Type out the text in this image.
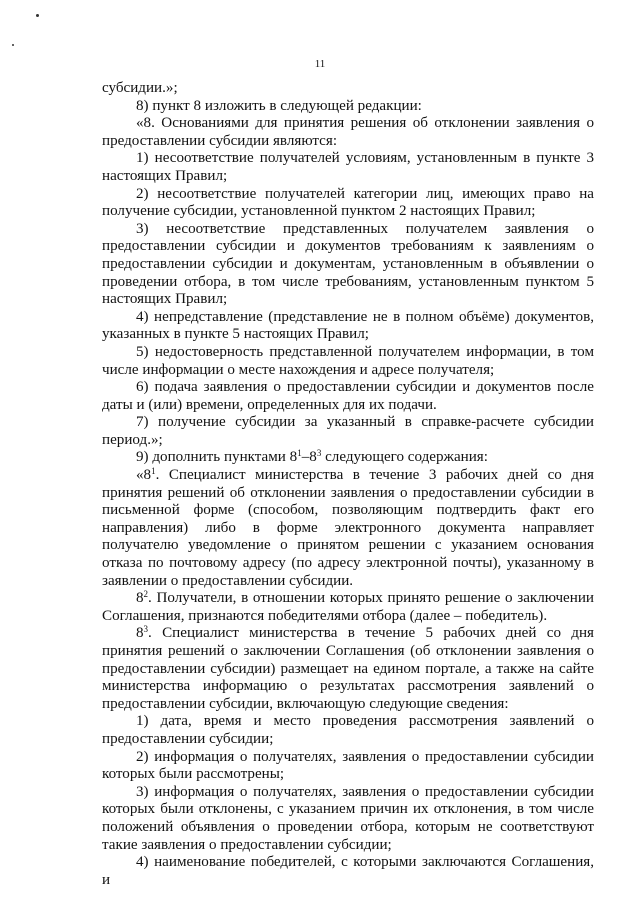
11

субсидии.»;

8) пункт 8 изложить в следующей редакции:

«8. Основаниями для принятия решения об отклонении заявления о предоставлении субсидии являются:

1) несоответствие получателей условиям, установленным в пункте 3 настоящих Правил;

2) несоответствие получателей категории лиц, имеющих право на получение субсидии, установленной пунктом 2 настоящих Правил;

3) несоответствие представленных получателем заявления о предоставлении субсидии и документов требованиям к заявлениям о предоставлении субсидии и документам, установленным в объявлении о проведении отбора, в том числе требованиям, установленным пунктом 5 настоящих Правил;

4) непредставление (представление не в полном объёме) документов, указанных в пункте 5 настоящих Правил;

5) недостоверность представленной получателем информации, в том числе информации о месте нахождения и адресе получателя;

6) подача заявления о предоставлении субсидии и документов после даты и (или) времени, определенных для их подачи.

7) получение субсидии за указанный в справке-расчете субсидии период.»;

9) дополнить пунктами $8^1-8^3$ следующего содержания:

«$8^1$. Специалист министерства в течение 3 рабочих дней со дня принятия решений об отклонении заявления о предоставлении субсидии в письменной форме (способом, позволяющим подтвердить факт его направления) либо в форме электронного документа направляет получателю уведомление о принятом решении с указанием основания отказа по почтовому адресу (по адресу электронной почты), указанному в заявлении о предоставлении субсидии.

$8^2$. Получатели, в отношении которых принято решение о заключении Соглашения, признаются победителями отбора (далее – победитель).

$8^3$. Специалист министерства в течение 5 рабочих дней со дня принятия решений о заключении Соглашения (об отклонении заявления о предоставлении субсидии) размещает на едином портале, а также на сайте министерства информацию о результатах рассмотрения заявлений о предоставлении субсидии, включающую следующие сведения:

1) дата, время и место проведения рассмотрения заявлений о предоставлении субсидии;

2) информация о получателях, заявления о предоставлении субсидии которых были рассмотрены;

3) информация о получателях, заявления о предоставлении субсидии которых были отклонены, с указанием причин их отклонения, в том числе положений объявления о проведении отбора, которым не соответствуют такие заявления о предоставлении субсидии;

4) наименование победителей, с которыми заключаются Соглашения, и
